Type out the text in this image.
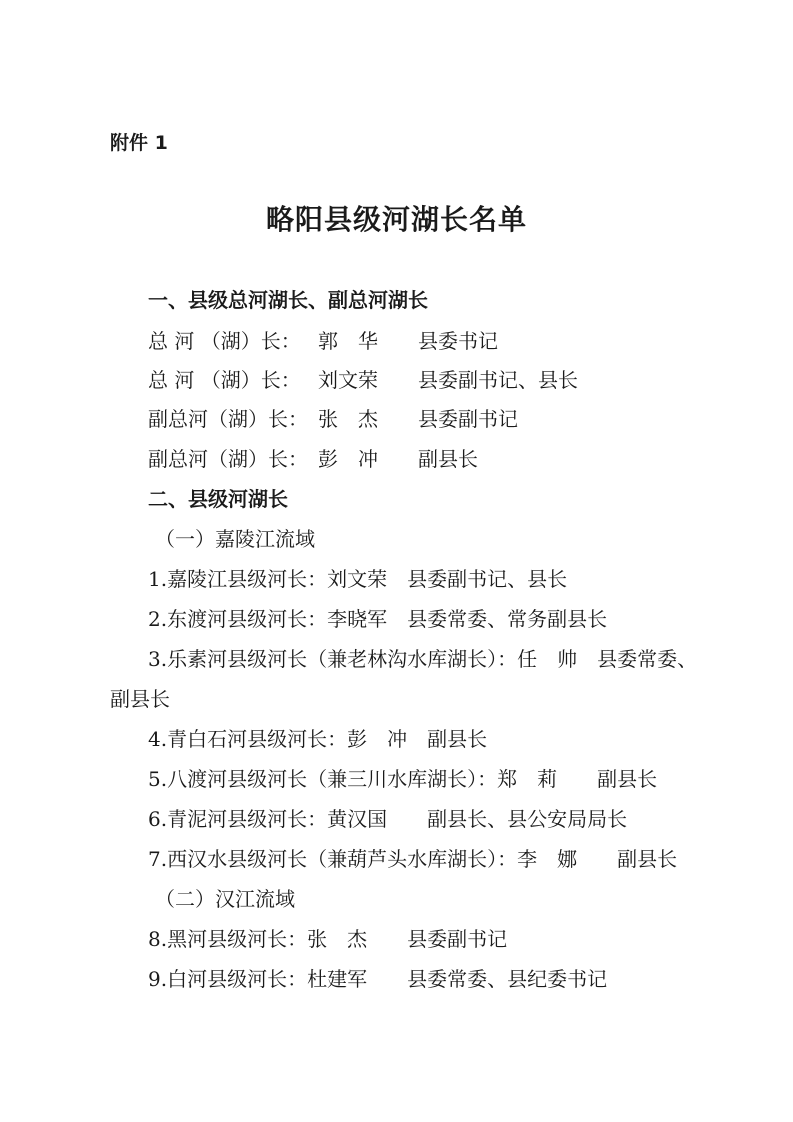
附件 1
略阳县级河湖长名单
一、县级总河湖长、副总河湖长
总 河 （湖）长： 郭　华 县委书记
总 河 （湖）长： 刘文荣 县委副书记、县长
副总河（湖）长： 张　杰 县委副书记
副总河（湖）长： 彭　冲 副县长
二、县级河湖长
（一）嘉陵江流域
1.嘉陵江县级河长：刘文荣　县委副书记、县长
2.东渡河县级河长：李晓军　县委常委、常务副县长
3.乐素河县级河长（兼老林沟水库湖长）：任　帅　县委常委、
副县长
4.青白石河县级河长：彭　冲　副县长
5.八渡河县级河长（兼三川水库湖长）：郑　莉　　副县长
6.青泥河县级河长：黄汉国　　副县长、县公安局局长
7.西汉水县级河长（兼葫芦头水库湖长）：李　娜　　副县长
（二）汉江流域
8.黑河县级河长：张　杰　　县委副书记
9.白河县级河长：杜建军　　县委常委、县纪委书记
